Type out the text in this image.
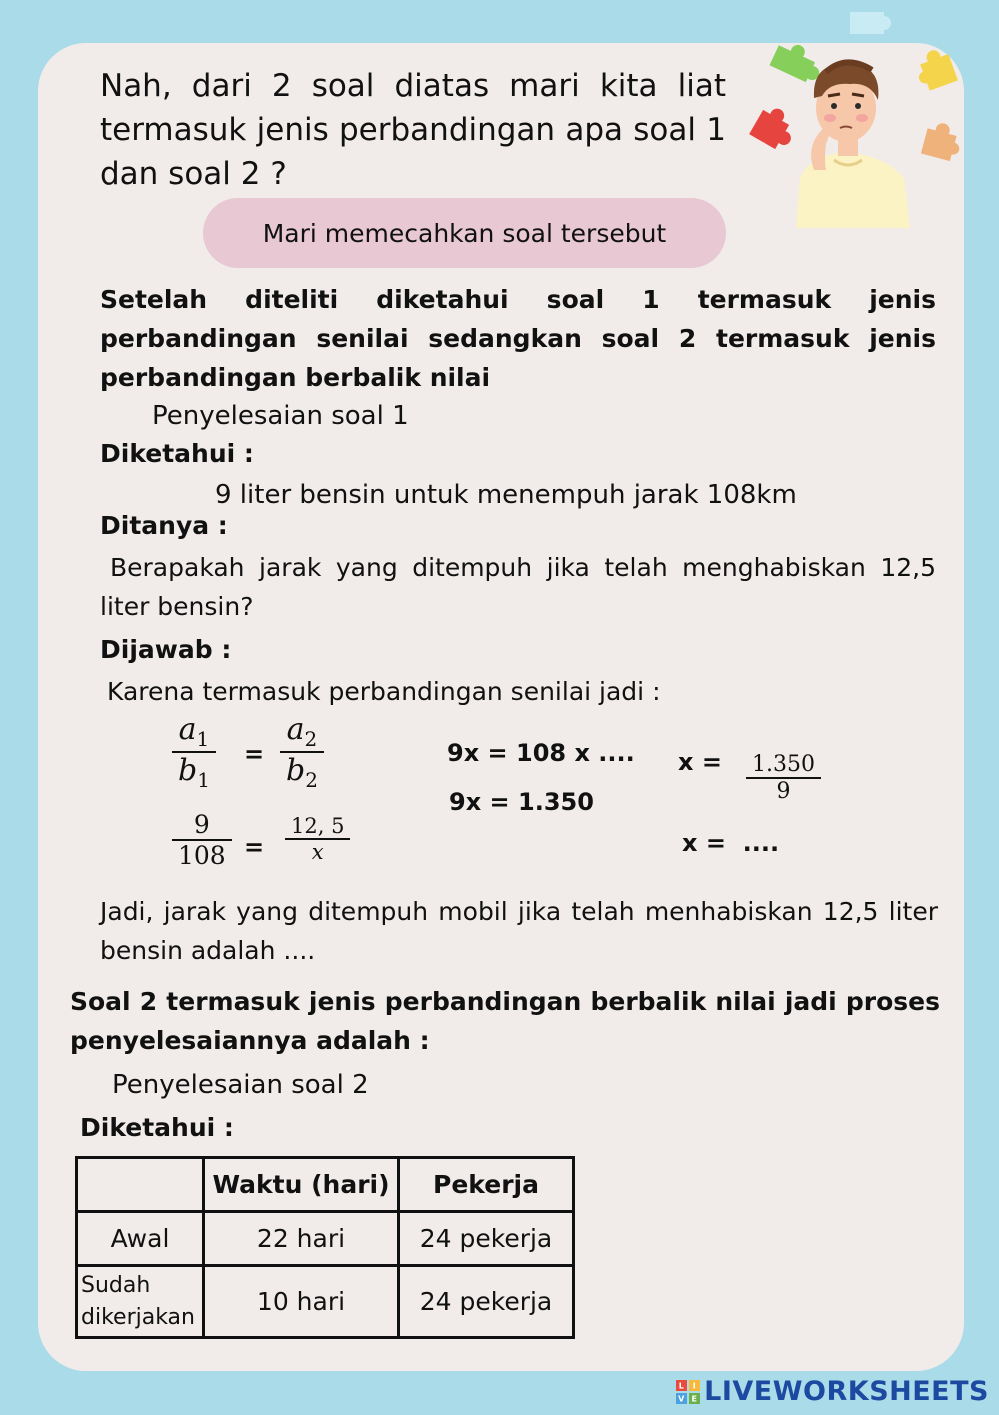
Nah, dari 2 soal diatas mari kita liat termasuk jenis perbandingan apa soal 1 dan soal 2 ?
Mari memecahkan soal tersebut
Setelah diteliti diketahui soal 1 termasuk jenis perbandingan senilai sedangkan soal 2 termasuk jenis perbandingan berbalik nilai
Penyelesaian soal 1
Diketahui :
9 liter bensin untuk menempuh jarak 108km
Ditanya :
Berapakah jarak yang ditempuh jika telah menghabiskan 12,5 liter bensin?
Dijawab :
Karena termasuk perbandingan senilai jadi :
$a_1$
$b_1$
=
$a_2$
$b_2$
9
108 =
12, 5
x
9x = 108 x ....
9x = 1.350
x = 1.350
9
x =  ....
Jadi, jarak yang ditempuh mobil jika telah menhabiskan 12,5 liter bensin adalah ....
Soal 2 termasuk jenis perbandingan berbalik nilai jadi proses penyelesaiannya adalah :
Penyelesaian soal 2
Diketahui :
	Waktu (hari)	Pekerja
Awal	22 hari	24 pekerja
Sudah dikerjakan	10 hari	24 pekerja
L I
V E LIVEWORKSHEETS
